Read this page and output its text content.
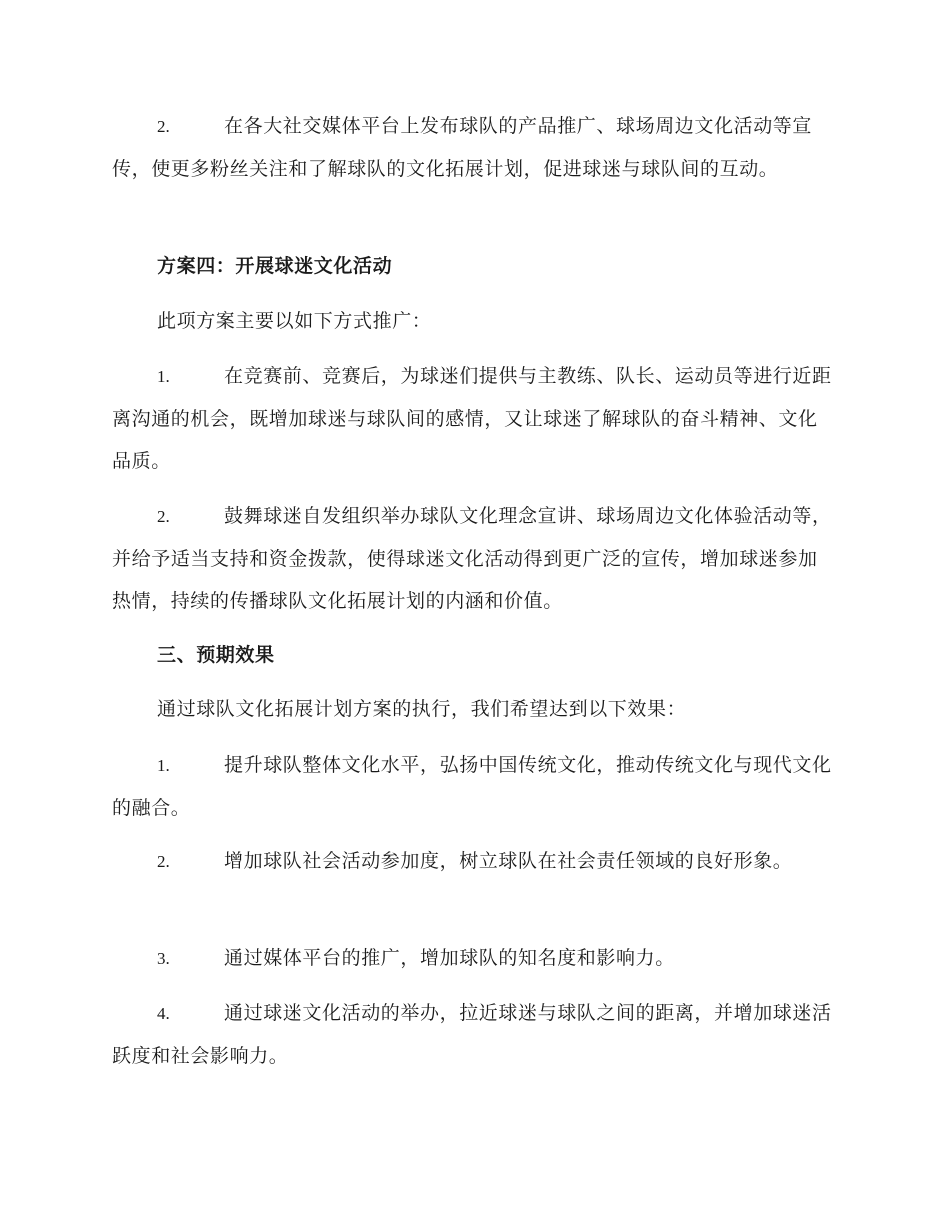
2.	在各大社交媒体平台上发布球队的产品推广、球场周边文化活动等宣传，使更多粉丝关注和了解球队的文化拓展计划，促进球迷与球队间的互动。
方案四：开展球迷文化活动
此项方案主要以如下方式推广：
1.	在竞赛前、竞赛后，为球迷们提供与主教练、队长、运动员等进行近距离沟通的机会，既增加球迷与球队间的感情，又让球迷了解球队的奋斗精神、文化品质。
2.	鼓舞球迷自发组织举办球队文化理念宣讲、球场周边文化体验活动等，并给予适当支持和资金拨款，使得球迷文化活动得到更广泛的宣传，增加球迷参加热情，持续的传播球队文化拓展计划的内涵和价值。
三、预期效果
通过球队文化拓展计划方案的执行，我们希望达到以下效果：
1.	提升球队整体文化水平，弘扬中国传统文化，推动传统文化与现代文化的融合。
2.	增加球队社会活动参加度，树立球队在社会责任领域的良好形象。
3.	通过媒体平台的推广，增加球队的知名度和影响力。
4.	通过球迷文化活动的举办，拉近球迷与球队之间的距离，并增加球迷活跃度和社会影响力。
